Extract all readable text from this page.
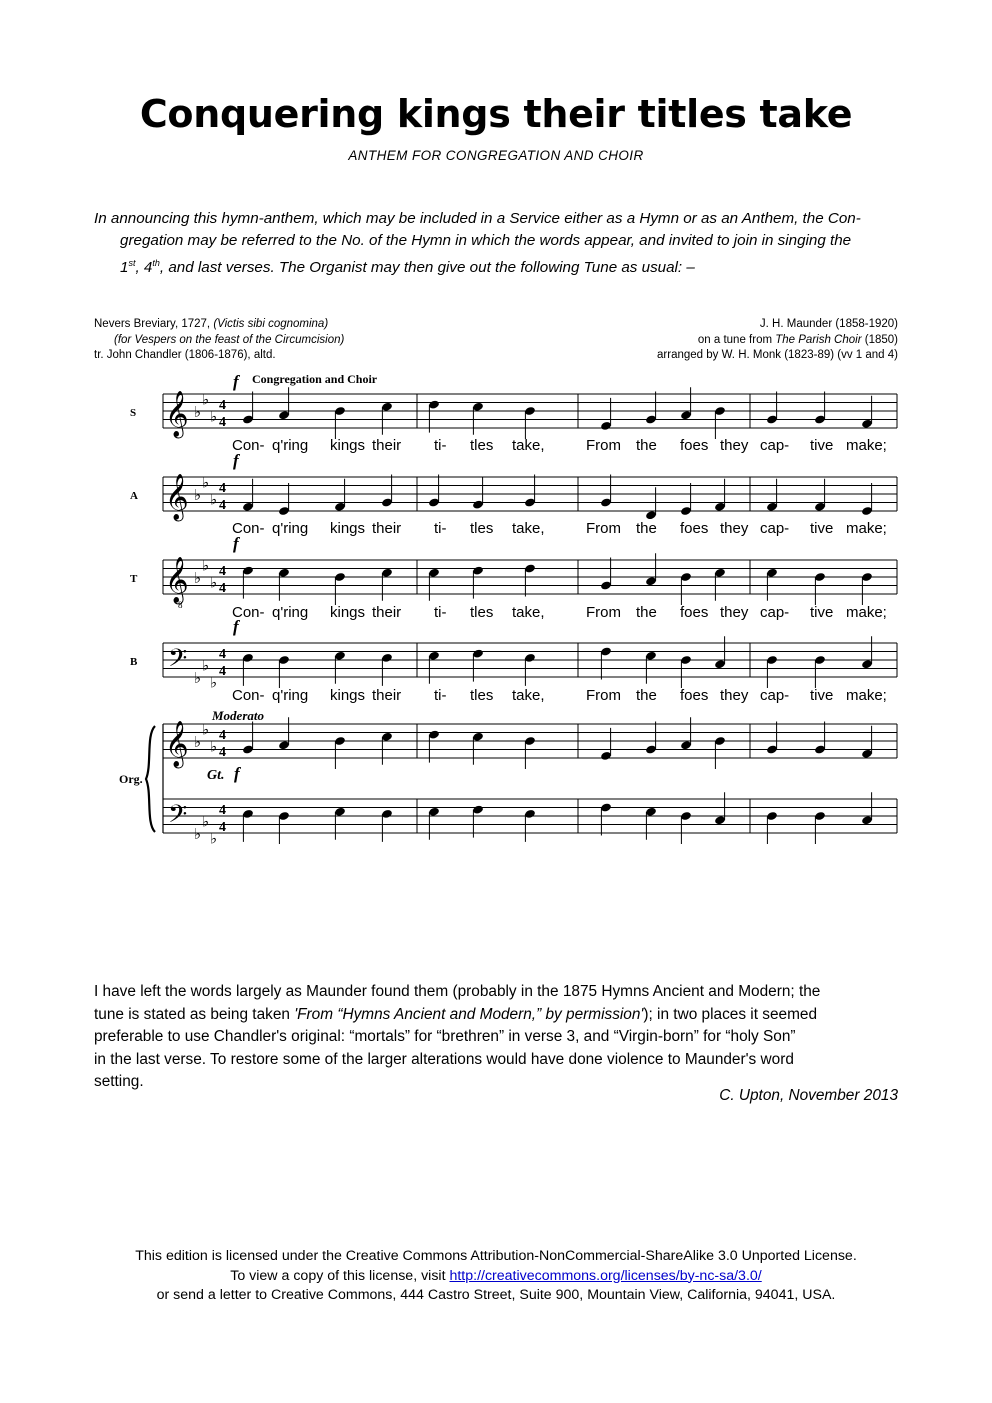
Conquering kings their titles take
ANTHEM FOR CONGREGATION AND CHOIR
In announcing this hymn-anthem, which may be included in a Service either as a Hymn or as an Anthem, the Con-
gregation may be referred to the No. of the Hymn in which the words appear, and invited to join in singing the
1st, 4th, and last verses. The Organist may then give out the following Tune as usual: –
Nevers Breviary, 1727, (Victis sibi cognomina)
(for Vespers on the feast of the Circumcision)
tr. John Chandler (1806-1876), altd.
J. H. Maunder (1858-1920)
on a tune from The Parish Choir (1850)
arranged by W. H. Monk (1823-89) (vv 1 and 4)
S
A
T
B
Org.
𝄞 ♭
♭
♭
4
4
𝄞 ♭
♭
♭
4
4
𝄞
8
♭
♭
♭
4
4
𝄢
♭
♭
♭
4
4
𝄞 ♭
♭
♭
4
4
𝄢
♭
♭
♭
4
4
Con- q'ring kings their ti- tles take,	From the foes they cap- tive make;
Con- q'ring kings their ti- tles take,	From the foes they cap- tive make;
Con- q'ring kings their ti- tles take,	From the foes they cap- tive make;
Con- q'ring kings their ti- tles take,	From the foes they cap- tive make;
f
f
f
f
Congregation and Choir
Moderato
Gt. f
I have left the words largely as Maunder found them (probably in the 1875 Hymns Ancient and Modern; the
tune is stated as being taken 'From “Hymns Ancient and Modern,” by permission'); in two places it seemed
preferable to use Chandler's original: “mortals” for “brethren” in verse 3, and “Virgin-born” for “holy Son”
in the last verse. To restore some of the larger alterations would have done violence to Maunder's word
setting.
C. Upton, November 2013
This edition is licensed under the Creative Commons Attribution-NonCommercial-ShareAlike 3.0 Unported License.
To view a copy of this license, visit http://creativecommons.org/licenses/by-nc-sa/3.0/
or send a letter to Creative Commons, 444 Castro Street, Suite 900, Mountain View, California, 94041, USA.
